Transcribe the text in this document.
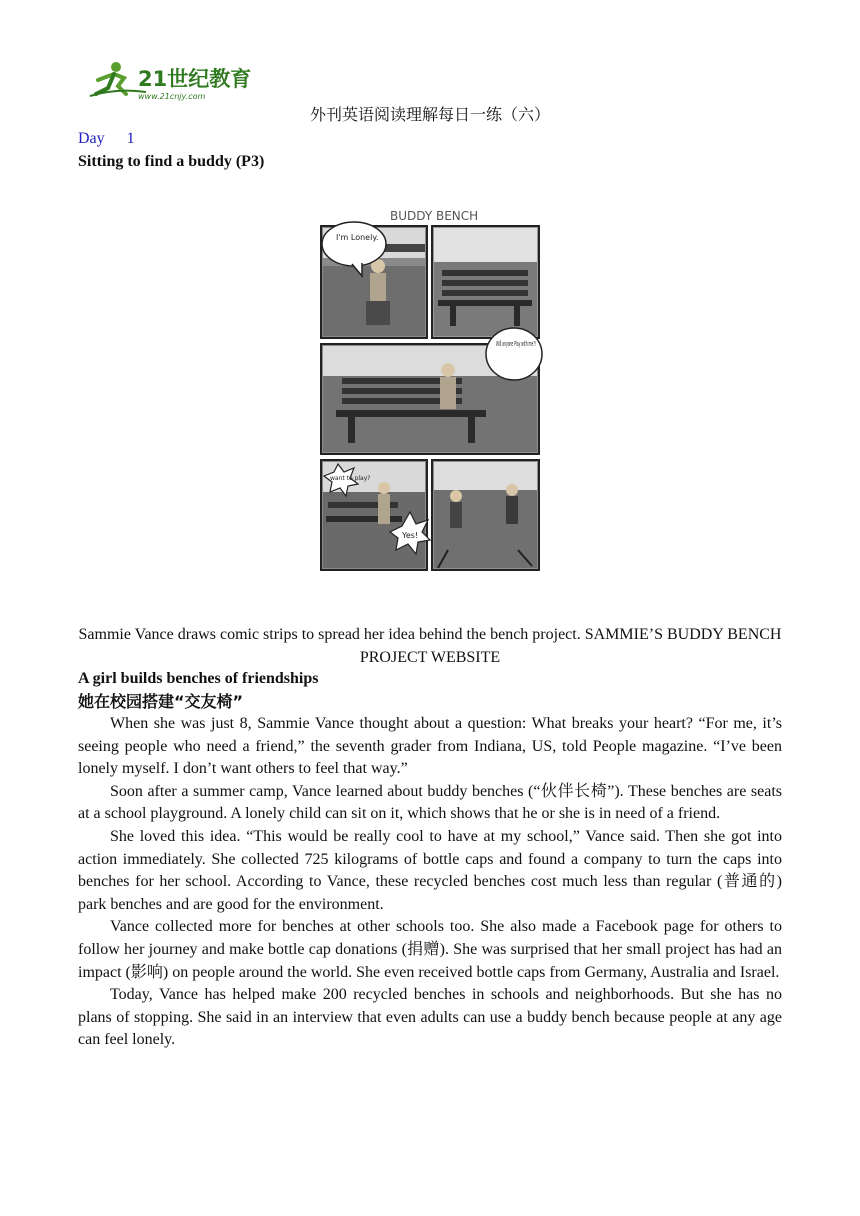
21世纪教育
www.21cnjy.com
外刊英语阅读理解每日一练（六）
Day 1
Sitting to find a buddy (P3)
BUDDY BENCH
I'm Lonely.
Will anyone Play with me?!
want to play?
Yes!
Sammie Vance draws comic strips to spread her idea behind the bench project. SAMMIE’S BUDDY BENCH PROJECT WEBSITE
A girl builds benches of friendships
她在校园搭建“交友椅”

When she was just 8, Sammie Vance thought about a question: What breaks your heart? “For me, it’s seeing people who need a friend,” the seventh grader from Indiana, US, told People magazine. “I’ve been lonely myself. I don’t want others to feel that way.”

Soon after a summer camp, Vance learned about buddy benches (“伙伴长椅”). These benches are seats at a school playground. A lonely child can sit on it, which shows that he or she is in need of a friend.

She loved this idea. “This would be really cool to have at my school,” Vance said. Then she got into action immediately. She collected 725 kilograms of bottle caps and found a company to turn the caps into benches for her school. According to Vance, these recycled benches cost much less than regular (普通的) park benches and are good for the environment.

Vance collected more for benches at other schools too. She also made a Facebook page for others to follow her journey and make bottle cap donations (捐赠). She was surprised that her small project has had an impact (影响) on people around the world. She even received bottle caps from Germany, Australia and Israel.

Today, Vance has helped make 200 recycled benches in schools and neighborhoods. But she has no plans of stopping. She said in an interview that even adults can use a buddy bench because people at any age can feel lonely.
